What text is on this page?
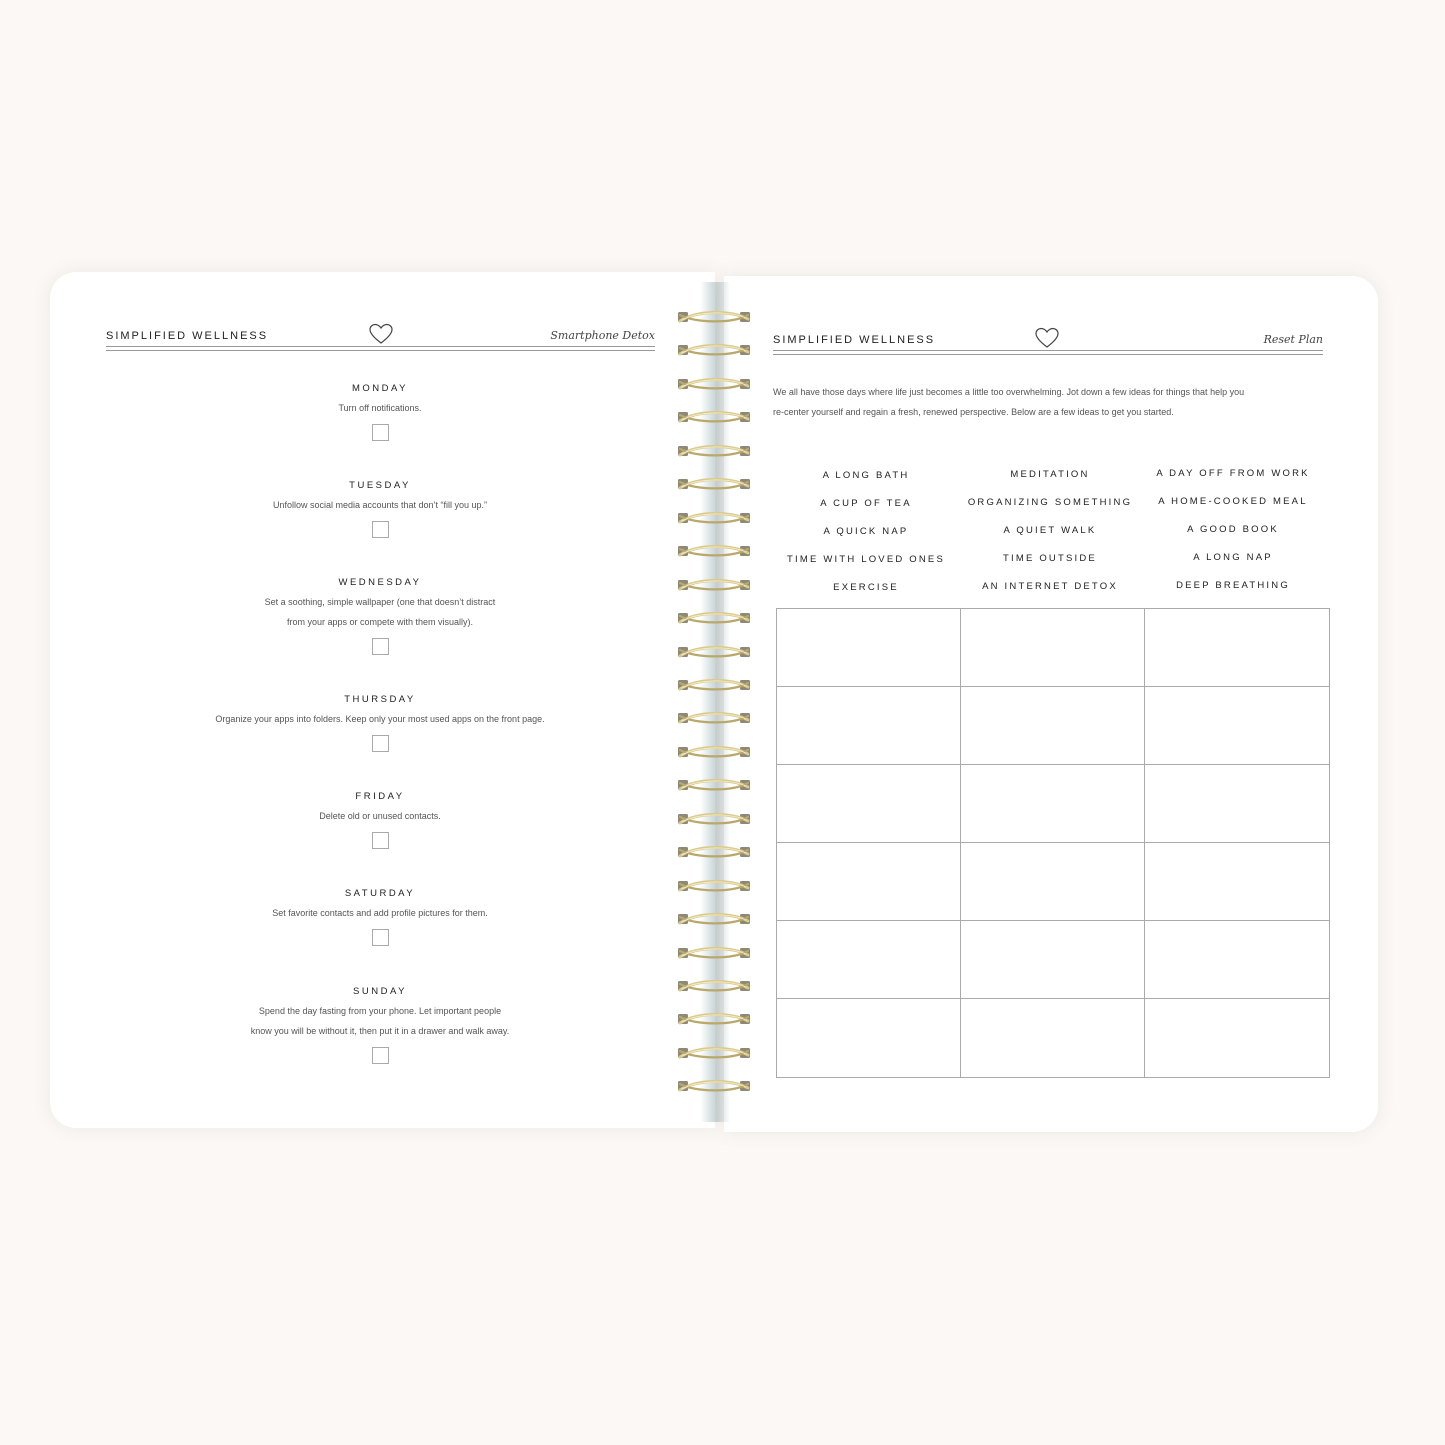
SIMPLIFIED WELLNESS	Smartphone Detox
MONDAY
Turn off notifications.
TUESDAY
Unfollow social media accounts that don’t “fill you up.”
WEDNESDAY
Set a soothing, simple wallpaper (one that doesn’t distract
from your apps or compete with them visually).
THURSDAY
Organize your apps into folders. Keep only your most used apps on the front page.
FRIDAY
Delete old or unused contacts.
SATURDAY
Set favorite contacts and add profile pictures for them.
SUNDAY
Spend the day fasting from your phone. Let important people
know you will be without it, then put it in a drawer and walk away.
SIMPLIFIED WELLNESS	Reset Plan
We all have those days where life just becomes a little too overwhelming. Jot down a few ideas for things that help you
re-center yourself and regain a fresh, renewed perspective. Below are a few ideas to get you started.
A LONG BATH
A CUP OF TEA
A QUICK NAP
TIME WITH LOVED ONES
EXERCISE
MEDITATION
ORGANIZING SOMETHING
A QUIET WALK
TIME OUTSIDE
AN INTERNET DETOX
A DAY OFF FROM WORK
A HOME-COOKED MEAL
A GOOD BOOK
A LONG NAP
DEEP BREATHING
